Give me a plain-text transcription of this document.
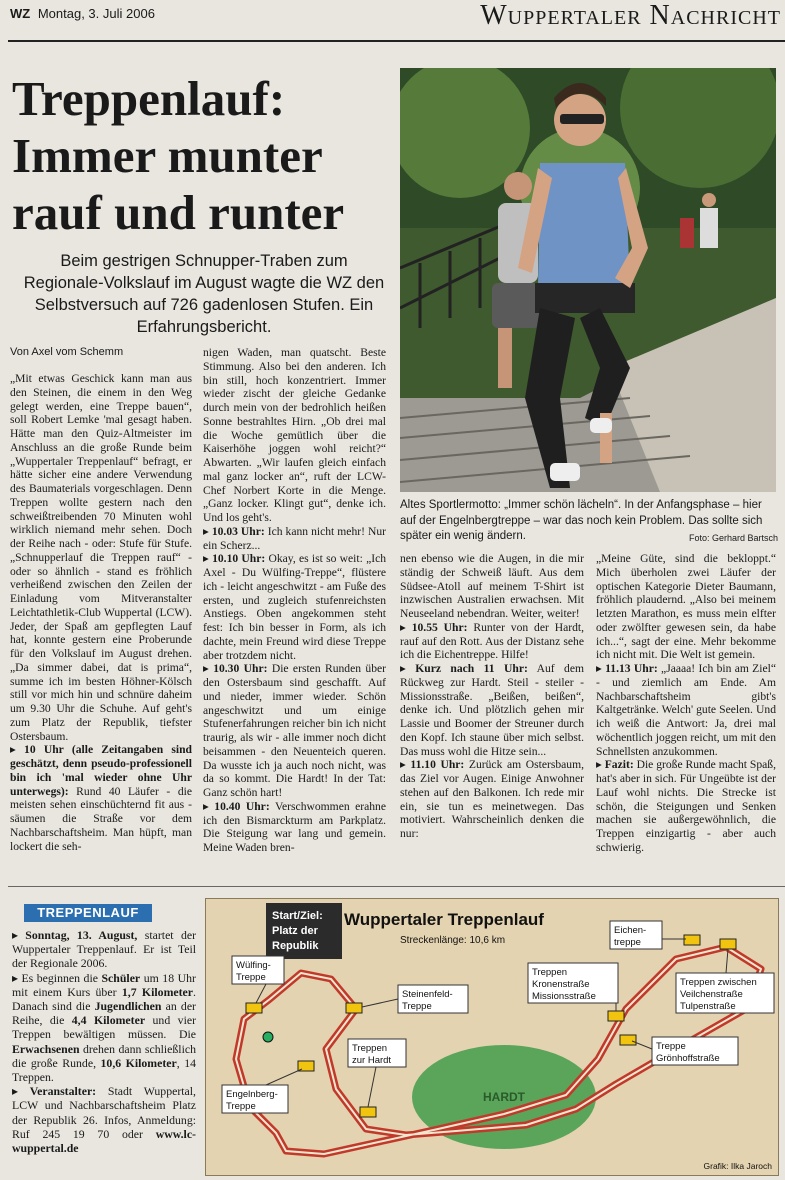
WZ Montag, 3. Juli 2006	Wuppertaler Nachricht
Treppenlauf:
Immer munter
rauf und runter
Beim gestrigen Schnupper-Traben zum Regionale-Volkslauf im August wagte die WZ den Selbstversuch auf 726 gadenlosen Stufen. Ein Erfahrungsbericht.
Von Axel vom Schemm
Altes Sportlermotto: „Immer schön lächeln“. In der Anfangsphase – hier auf der Engelnbergtreppe – war das noch kein Problem. Das sollte sich später ein wenig ändern.	Foto: Gerhard Bartsch

„Mit etwas Geschick kann man aus den Steinen, die einem in den Weg gelegt werden, eine Treppe bauen“, soll Robert Lemke 'mal gesagt haben. Hätte man den Quiz-Altmeister im Anschluss an die große Runde beim „Wuppertaler Treppenlauf“ befragt, er hätte sicher eine andere Verwendung des Baumaterials vorgeschlagen. Denn Treppen wollte gestern nach den schweißtreibenden 70 Minuten wohl wirklich niemand mehr sehen. Doch der Reihe nach - oder: Stufe für Stufe. „Schnupperlauf die Treppen rauf“ - oder so ähnlich - stand es fröhlich verheißend zwischen den Zeilen der Einladung vom Mitveranstalter Leichtathletik-Club Wuppertal (LCW). Jeder, der Spaß am gepflegten Lauf hat, konnte gestern eine Proberunde für den Volkslauf im August drehen. „Da simmer dabei, dat is prima“, summe ich im besten Höhner-Kölsch still vor mich hin und schnüre daheim um 9.30 Uhr die Schuhe. Auf geht's zum Platz der Republik, tiefster Ostersbaum.

▸ 10 Uhr (alle Zeitangaben sind geschätzt, denn pseudo-professionell bin ich 'mal wieder ohne Uhr unterwegs): Rund 40 Läufer - die meisten sehen einschüchternd fit aus - säumen die Straße vor dem Nachbarschaftsheim. Man hüpft, man lockert die seh-

nigen Waden, man quatscht. Beste Stimmung. Also bei den anderen. Ich bin still, hoch konzentriert. Immer wieder zischt der gleiche Gedanke durch mein von der bedrohlich heißen Sonne bestrahltes Hirn. „Ob drei mal die Woche gemütlich über die Kaiserhöhe joggen wohl reicht?“ Abwarten. „Wir laufen gleich einfach mal ganz locker an“, ruft der LCW-Chef Norbert Korte in die Menge. „Ganz locker. Klingt gut“, denke ich. Und los geht's.

▸ 10.03 Uhr: Ich kann nicht mehr! Nur ein Scherz...

▸ 10.10 Uhr: Okay, es ist so weit: „Ich Axel - Du Wülfing-Treppe“, flüstere ich - leicht angeschwitzt - am Fuße des ersten, und zugleich stufenreichsten Anstiegs. Oben angekommen steht fest: Ich bin besser in Form, als ich dachte, mein Freund wird diese Treppe aber trotzdem nicht.

▸ 10.30 Uhr: Die ersten Runden über den Ostersbaum sind geschafft. Auf und nieder, immer wieder. Schön angeschwitzt und um einige Stufenerfahrungen reicher bin ich nicht traurig, als wir - alle immer noch dicht beisammen - den Neuenteich queren. Da wusste ich ja auch noch nicht, was da so kommt. Die Hardt! In der Tat: Ganz schön hart!

▸ 10.40 Uhr: Verschwommen erahne ich den Bismarckturm am Parkplatz. Die Steigung war lang und gemein. Meine Waden bren-

nen ebenso wie die Augen, in die mir ständig der Schweiß läuft. Aus dem Südsee-Atoll auf meinem T-Shirt ist inzwischen Australien erwachsen. Mit Neuseeland nebendran. Weiter, weiter!

▸ 10.55 Uhr: Runter von der Hardt, rauf auf den Rott. Aus der Distanz sehe ich die Eichentreppe. Hilfe!

▸ Kurz nach 11 Uhr: Auf dem Rückweg zur Hardt. Steil - steiler - Missionsstraße. „Beißen, beißen“, denke ich. Und plötzlich gehen mir Lassie und Boomer der Streuner durch den Kopf. Ich staune über mich selbst. Das muss wohl die Hitze sein...

▸ 11.10 Uhr: Zurück am Ostersbaum, das Ziel vor Augen. Einige Anwohner stehen auf den Balkonen. Ich rede mir ein, sie tun es meinetwegen. Das motiviert. Wahrscheinlich denken die nur:

„Meine Güte, sind die bekloppt.“ Mich überholen zwei Läufer der optischen Kategorie Dieter Baumann, fröhlich plaudernd. „Also bei meinem letzten Marathon, es muss mein elfter oder zwölfter gewesen sein, da habe ich...“, sagt der eine. Mehr bekomme ich nicht mit. Die Welt ist gemein.

▸ 11.13 Uhr: „Jaaaa! Ich bin am Ziel“ - und ziemlich am Ende. Am Nachbarschaftsheim gibt's Kaltgetränke. Welch' gute Seelen. Und ich weiß die Antwort: Ja, drei mal wöchentlich joggen reicht, um mit den Schnellsten anzukommen.

▸ Fazit: Die große Runde macht Spaß, hat's aber in sich. Für Ungeübte ist der Lauf wohl nichts. Die Strecke ist schön, die Steigungen und Senken machen sie außergewöhnlich, die Treppen einzigartig - aber auch schwierig.

TREPPENLAUF

▸ Sonntag, 13. August, startet der Wuppertaler Treppenlauf. Er ist Teil der Regionale 2006.

▸ Es beginnen die Schüler um 18 Uhr mit einem Kurs über 1,7 Kilometer. Danach sind die Jugendlichen an der Reihe, die 4,4 Kilometer und vier Treppen bewältigen müssen. Die Erwachsenen drehen dann schließlich die große Runde, 10,6 Kilometer, 14 Treppen.

▸ Veranstalter: Stadt Wuppertal, LCW und Nachbarschaftsheim Platz der Republik 26. Infos, Anmeldung: Ruf 245 19 70 oder www.lc-wuppertal.de

HARDT
Start/Ziel:
Platz der
Republik
Wuppertaler Treppenlauf
Streckenlänge: 10,6 km
Wülfing-
Treppe
Steinenfeld-
Treppe
Treppen
zur Hardt
Engelnberg-
Treppe
Treppen
Kronenstraße
Missionsstraße
Eichen-
treppe
Treppen zwischen
Veilchenstraße
Tulpenstraße
Treppe
Grönhoffstraße
Grafik: Ilka Jaroch
